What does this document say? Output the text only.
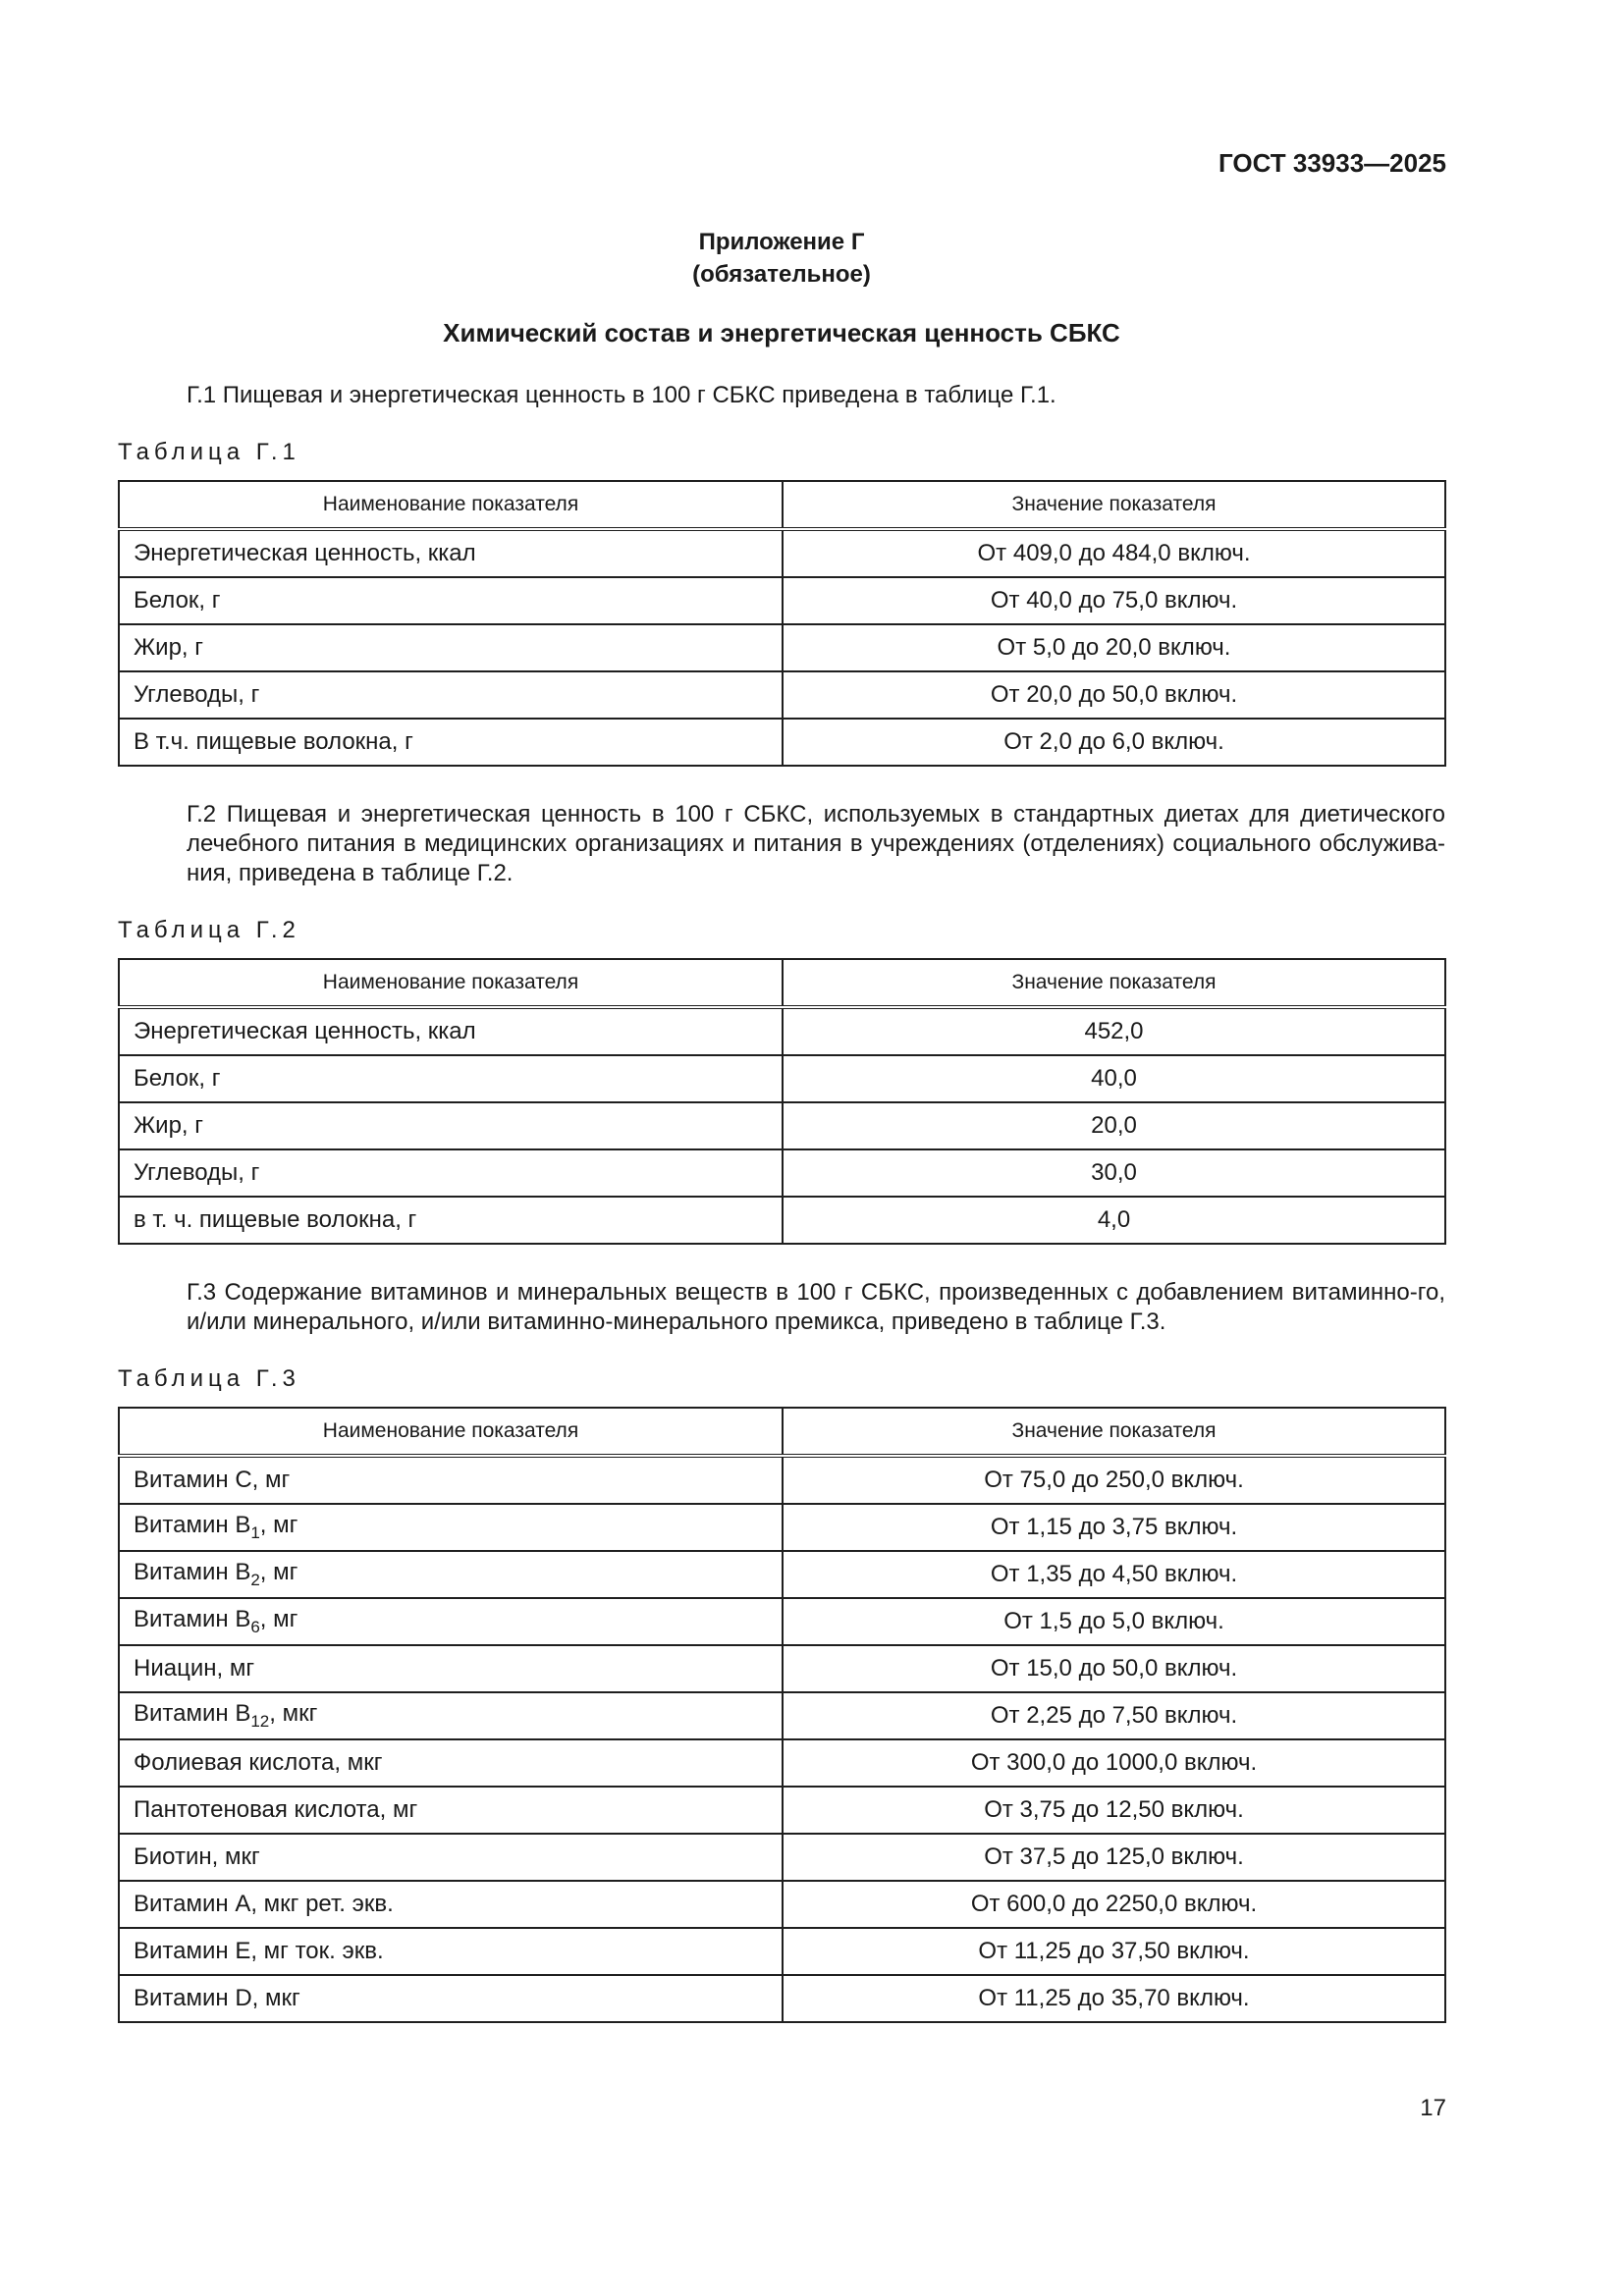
ГОСТ 33933—2025
Приложение Г
(обязательное)
Химический состав и энергетическая ценность СБКС
Г.1 Пищевая и энергетическая ценность в 100 г СБКС приведена в таблице Г.1.
Таблица Г.1
Наименование показателя	Значение показателя
Энергетическая ценность, ккал	От 409,0 до 484,0 включ.
Белок, г	От 40,0 до 75,0 включ.
Жир, г	От 5,0 до 20,0 включ.
Углеводы, г	От 20,0 до 50,0 включ.
В т.ч. пищевые волокна, г	От 2,0 до 6,0 включ.
Г.2 Пищевая и энергетическая ценность в 100 г СБКС, используемых в стандартных диетах для диетического лечебного питания в медицинских организациях и питания в учреждениях (отделениях) социального обслужива-ния, приведена в таблице Г.2.
Таблица Г.2
Наименование показателя	Значение показателя
Энергетическая ценность, ккал	452,0
Белок, г	40,0
Жир, г	20,0
Углеводы, г	30,0
в т. ч. пищевые волокна, г	4,0
Г.3 Содержание витаминов и минеральных веществ в 100 г СБКС, произведенных с добавлением витаминно-го, и/или минерального, и/или витаминно-минерального премикса, приведено в таблице Г.3.
Таблица Г.3
Наименование показателя	Значение показателя
Витамин C, мг	От 75,0 до 250,0 включ.
Витамин $B_1$, мг	От 1,15 до 3,75 включ.
Витамин $B_2$, мг	От 1,35 до 4,50 включ.
Витамин $B_6$, мг	От 1,5 до 5,0 включ.
Ниацин, мг	От 15,0 до 50,0 включ.
Витамин $B_{12}$, мкг	От 2,25 до 7,50 включ.
Фолиевая кислота, мкг	От 300,0 до 1000,0 включ.
Пантотеновая кислота, мг	От 3,75 до 12,50 включ.
Биотин, мкг	От 37,5 до 125,0 включ.
Витамин A, мкг рет. экв.	От 600,0 до 2250,0 включ.
Витамин E, мг ток. экв.	От 11,25 до 37,50 включ.
Витамин D, мкг	От 11,25 до 35,70 включ.
17
